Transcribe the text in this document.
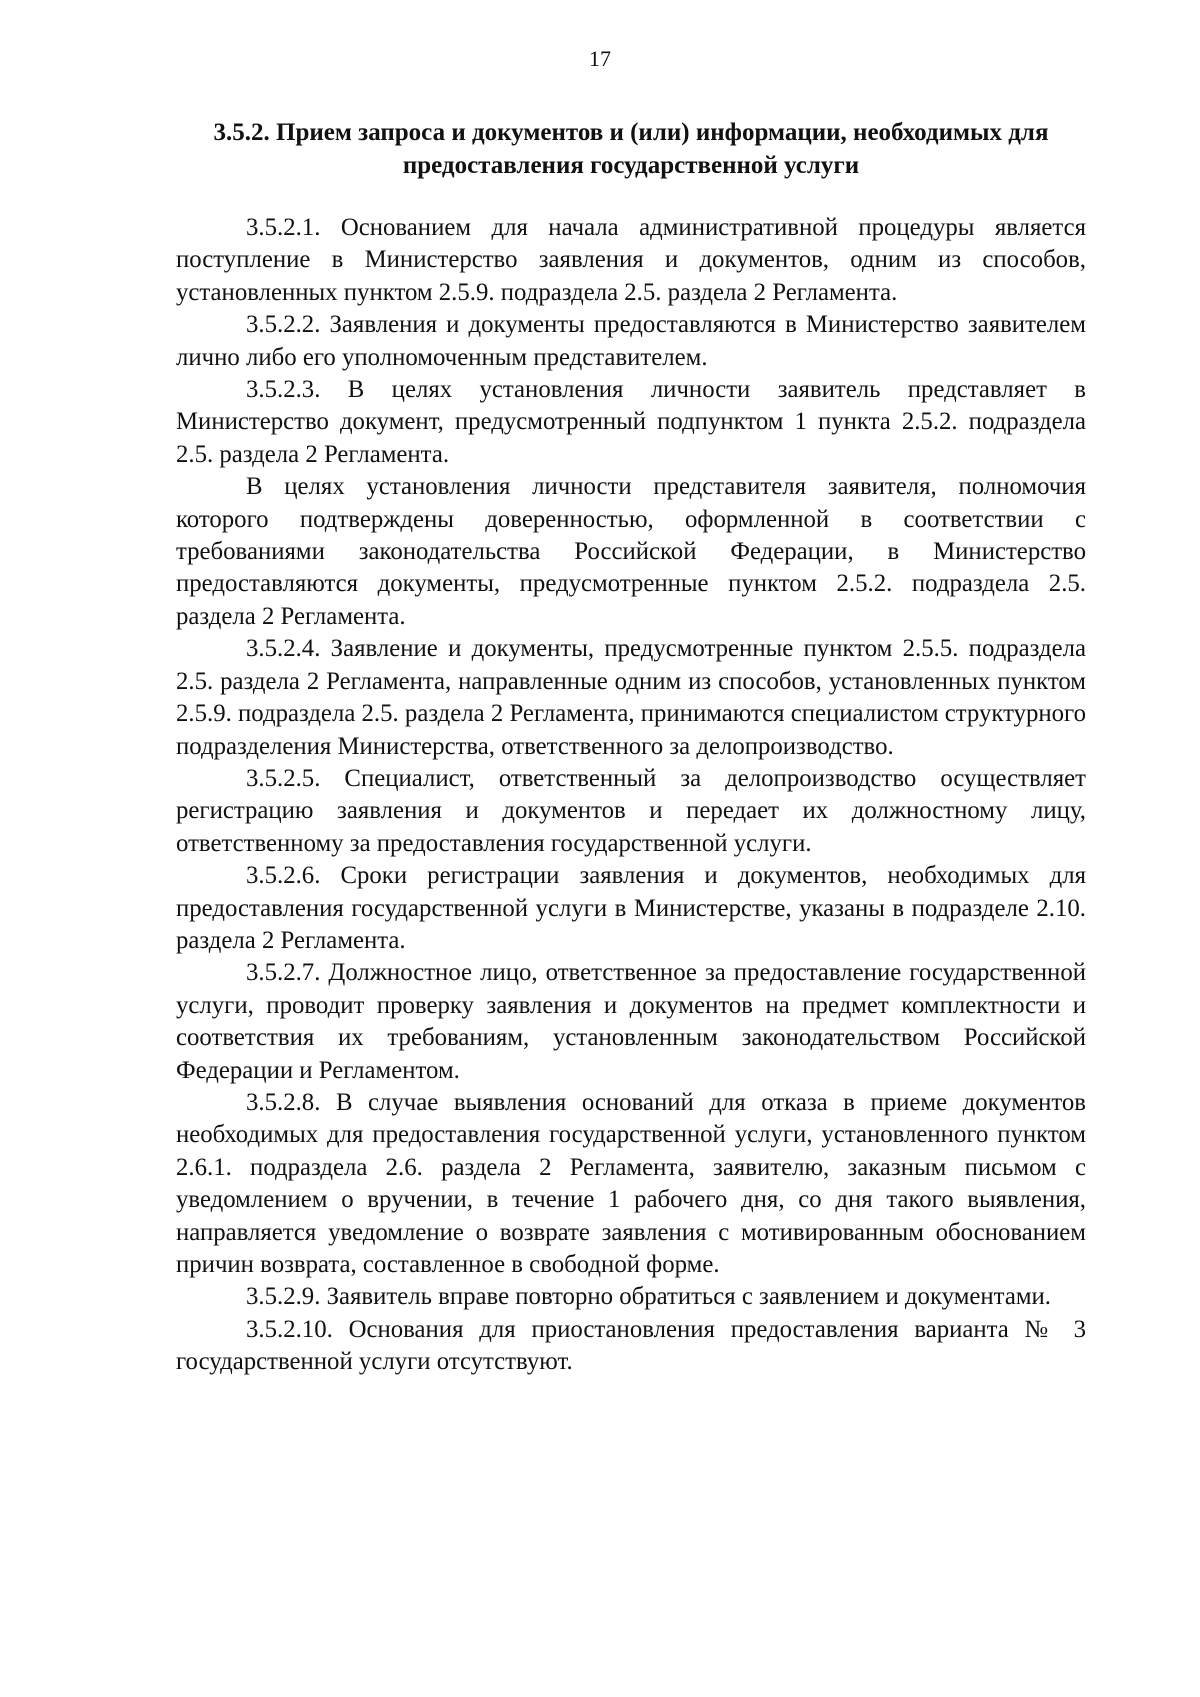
17
3.5.2. Прием запроса и документов и (или) информации, необходимых для
предоставления государственной услуги

3.5.2.1. Основанием для начала административной процедуры является поступление в Министерство заявления и документов, одним из способов, установленных пунктом 2.5.9. подраздела 2.5. раздела 2 Регламента.

3.5.2.2. Заявления и документы предоставляются в Министерство заявителем лично либо его уполномоченным представителем.

3.5.2.3. В целях установления личности заявитель представляет в Министерство документ, предусмотренный подпунктом 1 пункта 2.5.2. подраздела 2.5. раздела 2 Регламента.

В целях установления личности представителя заявителя, полномочия которого подтверждены доверенностью, оформленной в соответствии с требованиями законодательства Российской Федерации, в Министерство предоставляются документы, предусмотренные пунктом 2.5.2. подраздела 2.5. раздела 2 Регламента.

3.5.2.4. Заявление и документы, предусмотренные пунктом 2.5.5. подраздела 2.5. раздела 2 Регламента, направленные одним из способов, установленных пунктом 2.5.9. подраздела 2.5. раздела 2 Регламента, принимаются специалистом структурного подразделения Министерства, ответственного за делопроизводство.

3.5.2.5. Специалист, ответственный за делопроизводство осуществляет регистрацию заявления и документов и передает их должностному лицу, ответственному за предоставления государственной услуги.

3.5.2.6. Сроки регистрации заявления и документов, необходимых для предоставления государственной услуги в Министерстве, указаны в подразделе 2.10. раздела 2 Регламента.

3.5.2.7. Должностное лицо, ответственное за предоставление государственной услуги, проводит проверку заявления и документов на предмет комплектности и соответствия их требованиям, установленным законодательством Российской Федерации и Регламентом.

3.5.2.8. В случае выявления оснований для отказа в приеме документов необходимых для предоставления государственной услуги, установленного пунктом 2.6.1. подраздела 2.6. раздела 2 Регламента, заявителю, заказным письмом с уведомлением о вручении, в течение 1 рабочего дня, со дня такого выявления, направляется уведомление о возврате заявления с мотивированным обоснованием причин возврата, составленное в свободной форме.

3.5.2.9. Заявитель вправе повторно обратиться с заявлением и документами.

3.5.2.10. Основания для приостановления предоставления варианта № 3 государственной услуги отсутствуют.
